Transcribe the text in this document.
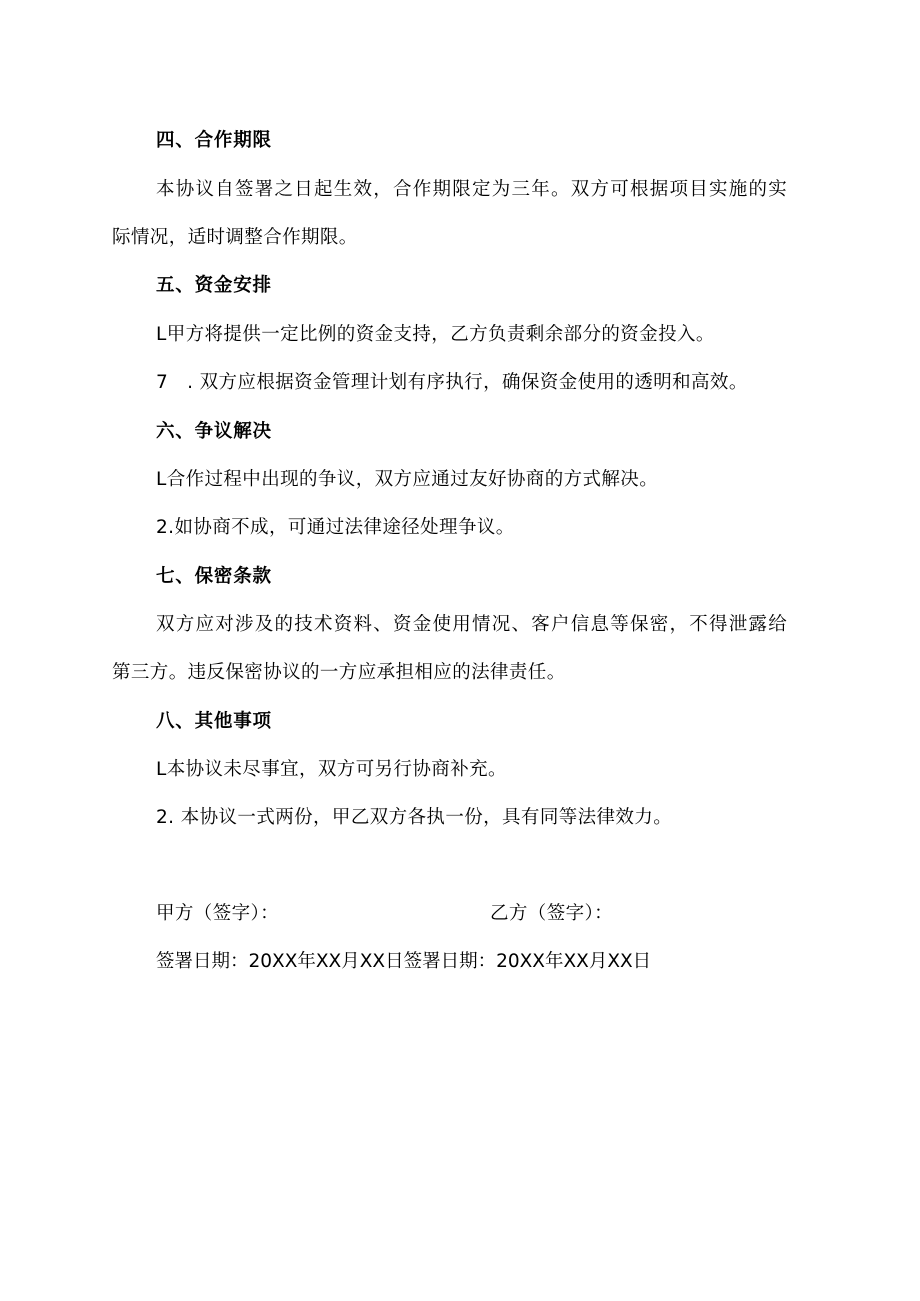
四、合作期限
本协议自签署之日起生效，合作期限定为三年。双方可根据项目实施的实
际情况，适时调整合作期限。
五、资金安排
L甲方将提供一定比例的资金支持，乙方负责剩余部分的资金投入。
7　. 双方应根据资金管理计划有序执行，确保资金使用的透明和高效。
六、争议解决
L合作过程中出现的争议，双方应通过友好协商的方式解决。
2.如协商不成，可通过法律途径处理争议。
七、保密条款
双方应对涉及的技术资料、资金使用情况、客户信息等保密，不得泄露给
第三方。违反保密协议的一方应承担相应的法律责任。
八、其他事项
L本协议未尽事宜，双方可另行协商补充。
2. 本协议一式两份，甲乙双方各执一份，具有同等法律效力。
甲方（签字）：	乙方（签字）：
签署日期：20XX年XX月XX日签署日期：20XX年XX月XX日
